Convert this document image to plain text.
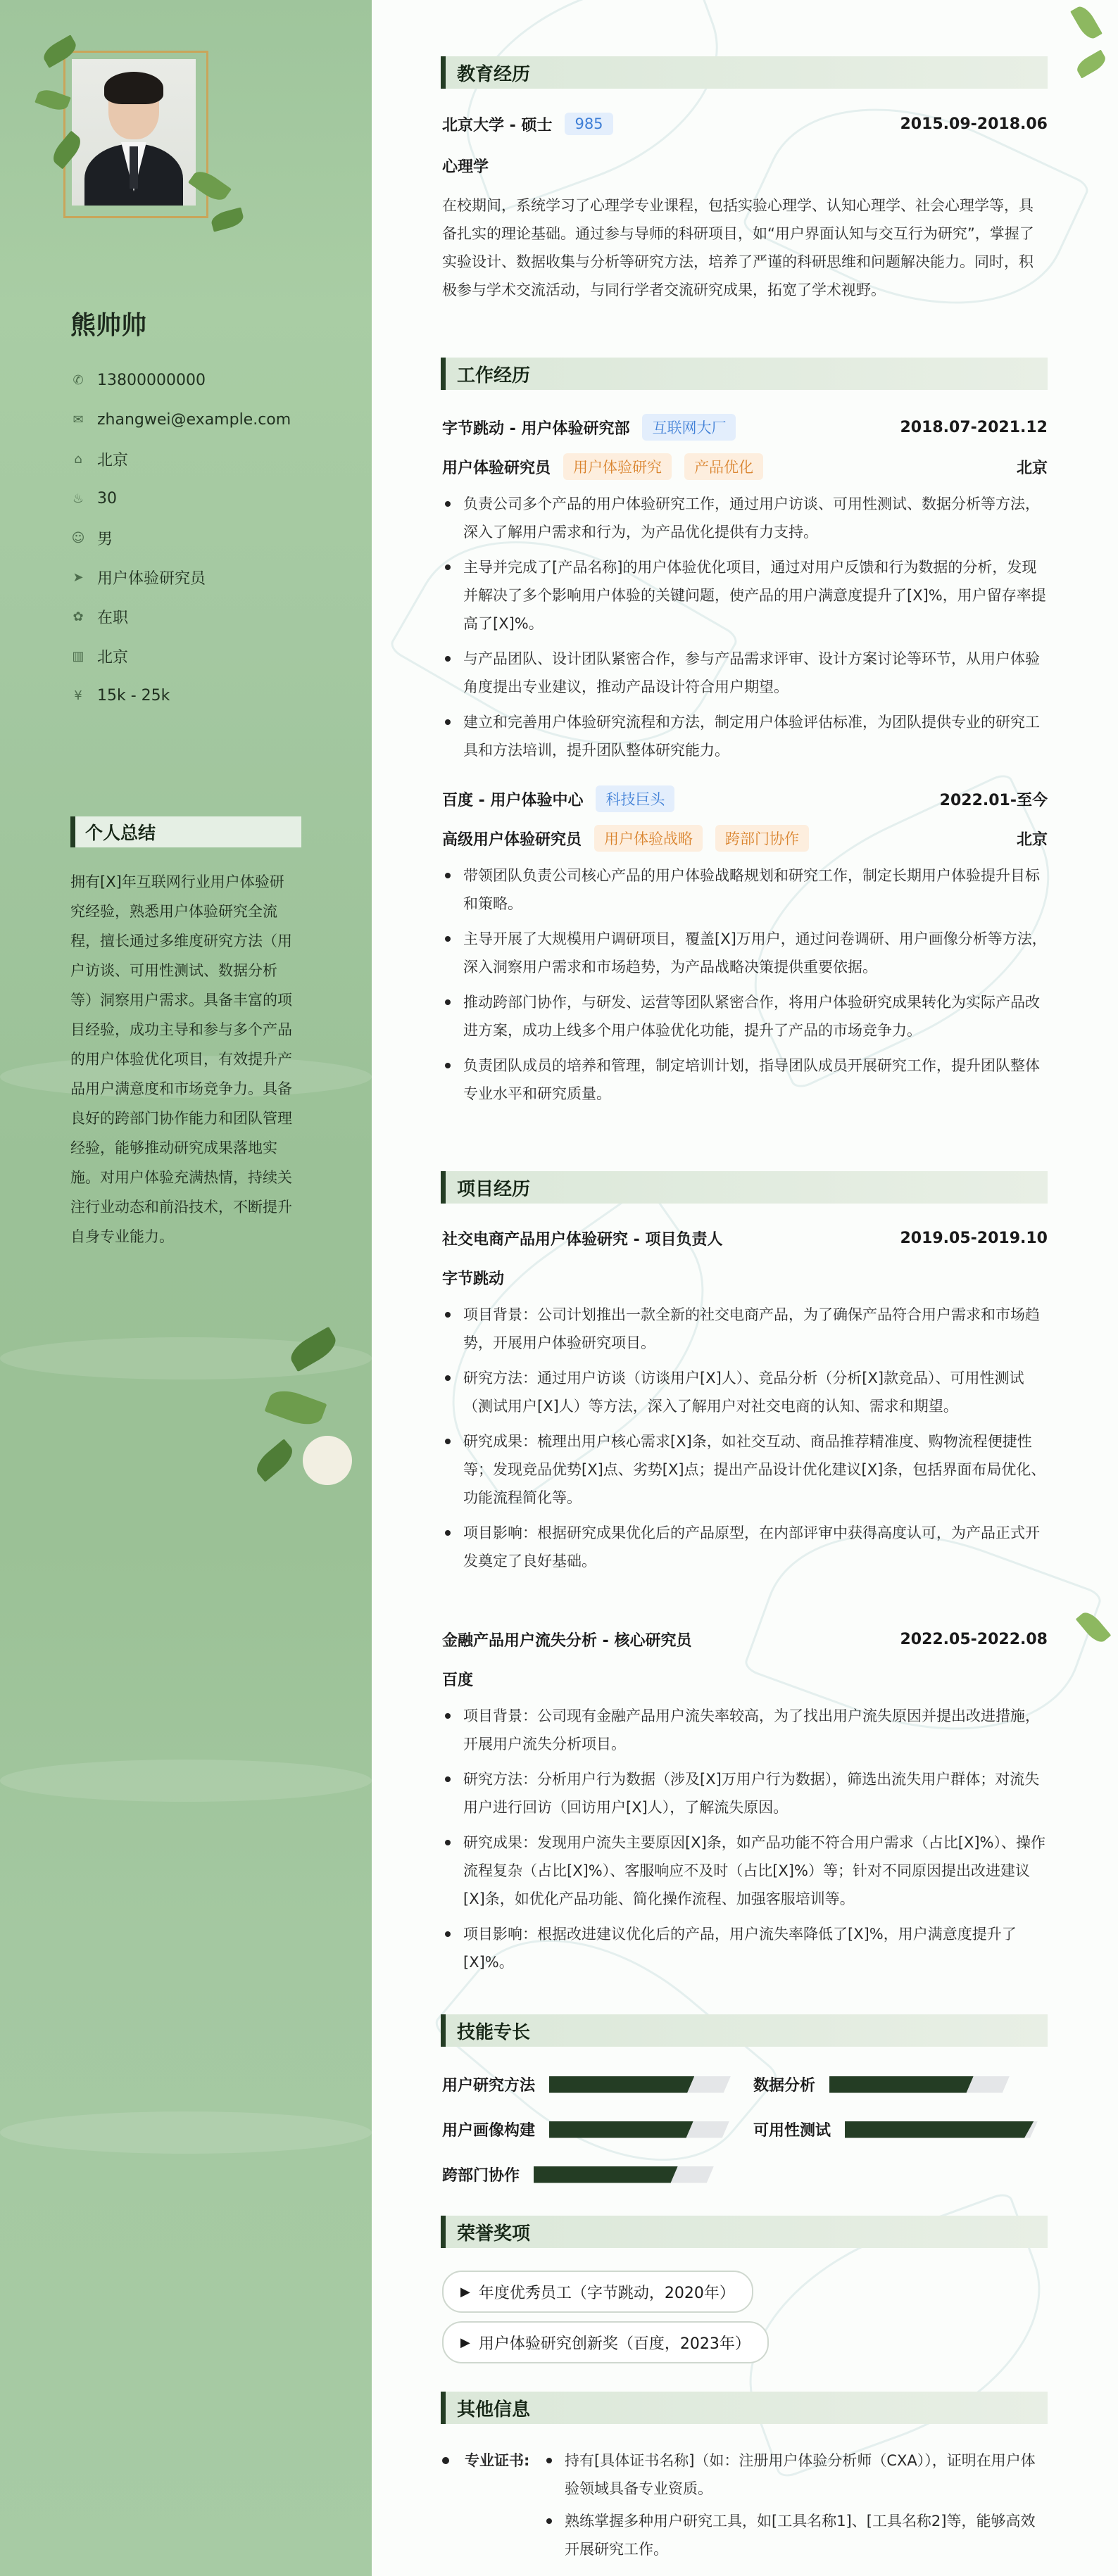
熊帅帅
✆ 13800000000
✉ zhangwei@example.com
⌂ 北京
♨ 30
☺ 男
➤ 用户体验研究员
✿ 在职
▥ 北京
¥ 15k - 25k
个人总结
拥有[X]年互联网行业用户体验研究经验，熟悉用户体验研究全流程，擅长通过多维度研究方法（用户访谈、可用性测试、数据分析等）洞察用户需求。具备丰富的项目经验，成功主导和参与多个产品的用户体验优化项目，有效提升产品用户满意度和市场竞争力。具备良好的跨部门协作能力和团队管理经验，能够推动研究成果落地实施。对用户体验充满热情，持续关注行业动态和前沿技术，不断提升自身专业能力。
教育经历
北京大学 - 硕士	985	2015.09-2018.06
心理学
在校期间，系统学习了心理学专业课程，包括实验心理学、认知心理学、社会心理学等，具备扎实的理论基础。通过参与导师的科研项目，如“用户界面认知与交互行为研究”，掌握了实验设计、数据收集与分析等研究方法，培养了严谨的科研思维和问题解决能力。同时，积极参与学术交流活动，与同行学者交流研究成果，拓宽了学术视野。
工作经历
字节跳动 - 用户体验研究部	互联网大厂	2018.07-2021.12
用户体验研究员	用户体验研究	产品优化	北京
负责公司多个产品的用户体验研究工作，通过用户访谈、可用性测试、数据分析等方法，深入了解用户需求和行为，为产品优化提供有力支持。
主导并完成了[产品名称]的用户体验优化项目，通过对用户反馈和行为数据的分析，发现并解决了多个影响用户体验的关键问题，使产品的用户满意度提升了[X]%，用户留存率提高了[X]%。
与产品团队、设计团队紧密合作，参与产品需求评审、设计方案讨论等环节，从用户体验角度提出专业建议，推动产品设计符合用户期望。
建立和完善用户体验研究流程和方法，制定用户体验评估标准，为团队提供专业的研究工具和方法培训，提升团队整体研究能力。
百度 - 用户体验中心	科技巨头	2022.01-至今
高级用户体验研究员	用户体验战略	跨部门协作	北京
带领团队负责公司核心产品的用户体验战略规划和研究工作，制定长期用户体验提升目标和策略。
主导开展了大规模用户调研项目，覆盖[X]万用户，通过问卷调研、用户画像分析等方法，深入洞察用户需求和市场趋势，为产品战略决策提供重要依据。
推动跨部门协作，与研发、运营等团队紧密合作，将用户体验研究成果转化为实际产品改进方案，成功上线多个用户体验优化功能，提升了产品的市场竞争力。
负责团队成员的培养和管理，制定培训计划，指导团队成员开展研究工作，提升团队整体专业水平和研究质量。
项目经历
社交电商产品用户体验研究 - 项目负责人	2019.05-2019.10
字节跳动
项目背景：公司计划推出一款全新的社交电商产品，为了确保产品符合用户需求和市场趋势，开展用户体验研究项目。
研究方法：通过用户访谈（访谈用户[X]人）、竞品分析（分析[X]款竞品）、可用性测试（测试用户[X]人）等方法，深入了解用户对社交电商的认知、需求和期望。
研究成果：梳理出用户核心需求[X]条，如社交互动、商品推荐精准度、购物流程便捷性等；发现竞品优势[X]点、劣势[X]点；提出产品设计优化建议[X]条，包括界面布局优化、功能流程简化等。
项目影响：根据研究成果优化后的产品原型，在内部评审中获得高度认可，为产品正式开发奠定了良好基础。
金融产品用户流失分析 - 核心研究员	2022.05-2022.08
百度
项目背景：公司现有金融产品用户流失率较高，为了找出用户流失原因并提出改进措施，开展用户流失分析项目。
研究方法：分析用户行为数据（涉及[X]万用户行为数据），筛选出流失用户群体；对流失用户进行回访（回访用户[X]人），了解流失原因。
研究成果：发现用户流失主要原因[X]条，如产品功能不符合用户需求（占比[X]%）、操作流程复杂（占比[X]%）、客服响应不及时（占比[X]%）等；针对不同原因提出改进建议[X]条，如优化产品功能、简化操作流程、加强客服培训等。
项目影响：根据改进建议优化后的产品，用户流失率降低了[X]%，用户满意度提升了[X]%。
技能专长
用户研究方法	数据分析
用户画像构建	可用性测试
跨部门协作
荣誉奖项
▶ 年度优秀员工（字节跳动，2020年）
▶ 用户体验研究创新奖（百度，2023年）
其他信息
专业证书:	持有[具体证书名称]（如：注册用户体验分析师（CXA）），证明在用户体验领域具备专业资质。
熟练掌握多种用户研究工具，如[工具名称1]、[工具名称2]等，能够高效开展研究工作。
